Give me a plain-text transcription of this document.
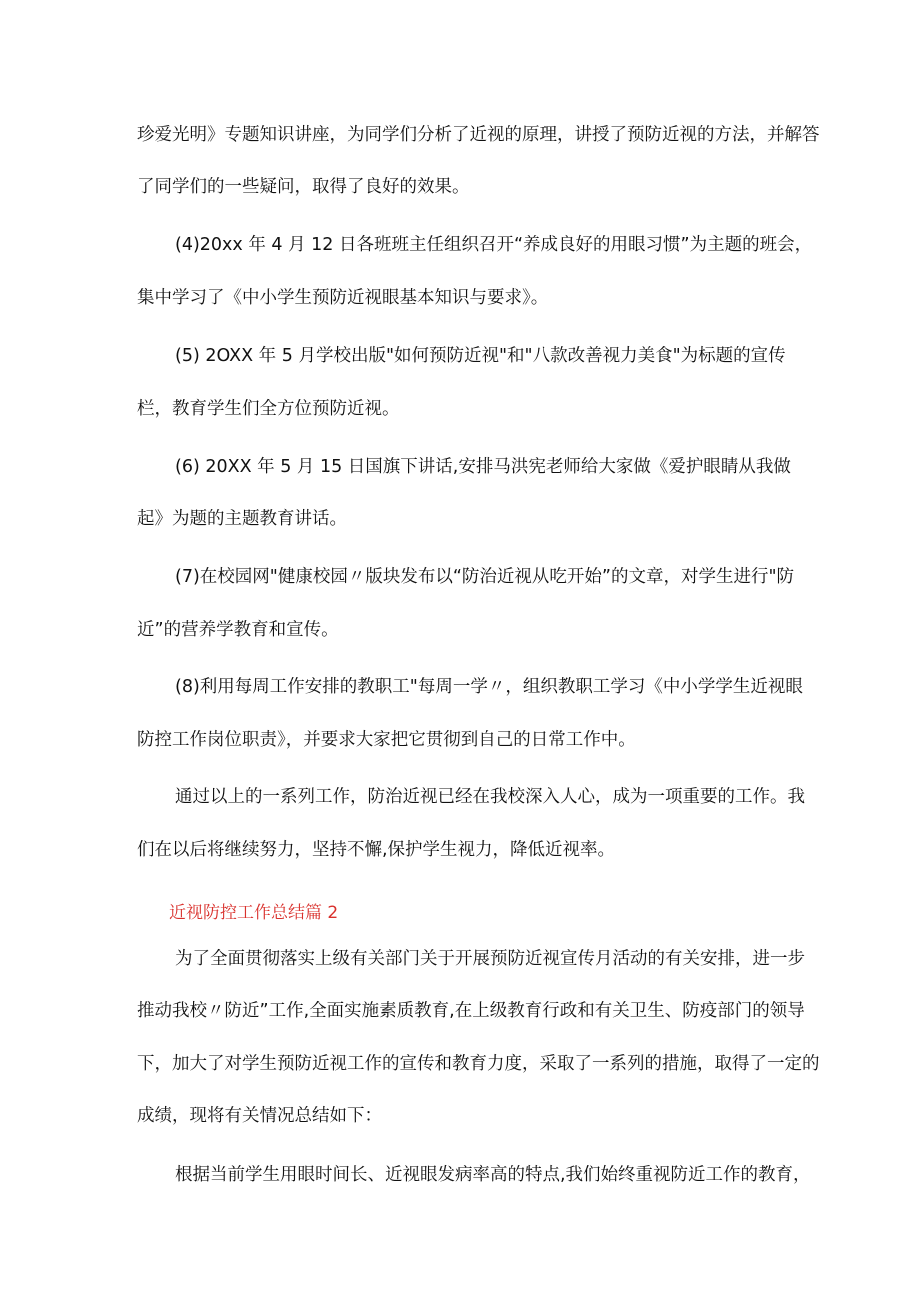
珍爱光明》专题知识讲座，为同学们分析了近视的原理，讲授了预防近视的方法，并解答
了同学们的一些疑问，取得了良好的效果。
(4)20xx 年 4 月 12 日各班班主任组织召开“养成良好的用眼习惯”为主题的班会，
集中学习了《中小学生预防近视眼基本知识与要求》。
(5) 2OXX 年 5 月学校出版"如何预防近视"和"八款改善视力美食"为标题的宣传
栏，教育学生们全方位预防近视。
(6) 20XX 年 5 月 15 日国旗下讲话,安排马洪宪老师给大家做《爱护眼睛从我做
起》为题的主题教育讲话。
(7)在校园网"健康校园〃版块发布以“防治近视从吃开始”的文章，对学生进行"防
近”的营养学教育和宣传。
(8)利用每周工作安排的教职工"每周一学〃，组织教职工学习《中小学学生近视眼
防控工作岗位职责》，并要求大家把它贯彻到自己的日常工作中。
通过以上的一系列工作，防治近视已经在我校深入人心，成为一项重要的工作。我
们在以后将继续努力，坚持不懈,保护学生视力，降低近视率。
近视防控工作总结篇 2
为了全面贯彻落实上级有关部门关于开展预防近视宣传月活动的有关安排，进一步
推动我校〃防近”工作,全面实施素质教育,在上级教育行政和有关卫生、防疫部门的领导
下，加大了对学生预防近视工作的宣传和教育力度，采取了一系列的措施，取得了一定的
成绩，现将有关情况总结如下：
根据当前学生用眼时间长、近视眼发病率高的特点,我们始终重视防近工作的教育，
